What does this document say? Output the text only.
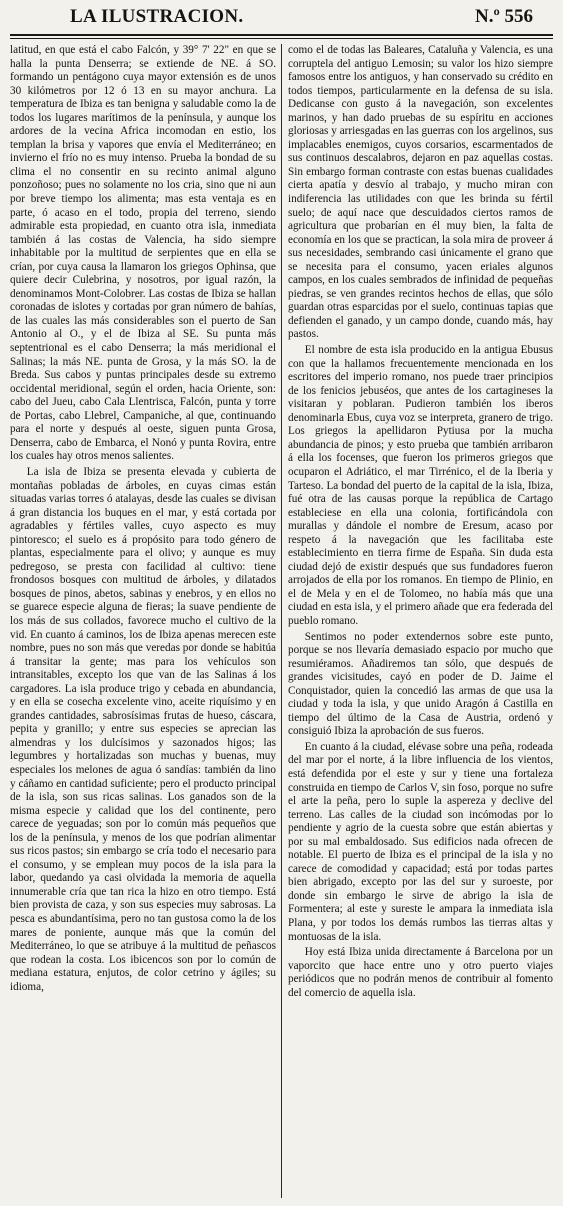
LA ILUSTRACION.	N.º 556

latitud, en que está el cabo Falcón, y 39° 7' 22" en que se halla la punta Denserra; se extiende de NE. á SO. formando un pentágono cuya mayor extensión es de unos 30 kilómetros por 12 ó 13 en su mayor anchura. La temperatura de Ibiza es tan benigna y saludable como la de todos los lugares marítimos de la península, y aunque los ardores de la vecina Africa incomodan en estio, los templan la brisa y vapores que envía el Mediterráneo; en invierno el frío no es muy intenso. Prueba la bondad de su clima el no consentir en su recinto animal alguno ponzoñoso; pues no solamente no los cria, sino que ni aun por breve tiempo los alimenta; mas esta ventaja es en parte, ó acaso en el todo, propia del terreno, siendo admirable esta propiedad, en cuanto otra isla, inmediata también á las costas de Valencia, ha sido siempre inhabitable por la multitud de serpientes que en ella se crían, por cuya causa la llamaron los griegos Ophinsa, que quiere decir Culebrina, y nosotros, por igual razón, la denominamos Mont-Colobrer. Las costas de Ibiza se hallan coronadas de islotes y cortadas por gran número de bahías, de las cuales las más considerables son el puerto de San Antonio al O., y el de Ibiza al SE. Su punta más septentrional es el cabo Denserra; la más meridional el Salinas; la más NE. punta de Grosa, y la más SO. la de Breda. Sus cabos y puntas principales desde su extremo occidental meridional, según el orden, hacia Oriente, son: cabo del Jueu, cabo Cala Llentrisca, Falcón, punta y torre de Portas, cabo Llebrel, Campaniche, al que, continuando para el norte y después al oeste, siguen punta Grosa, Denserra, cabo de Embarca, el Nonó y punta Rovira, entre los cuales hay otros menos salientes.

La isla de Ibiza se presenta elevada y cubierta de montañas pobladas de árboles, en cuyas cimas están situadas varias torres ó atalayas, desde las cuales se divisan á gran distancia los buques en el mar, y está cortada por agradables y fértiles valles, cuyo aspecto es muy pintoresco; el suelo es á propósito para todo género de plantas, especialmente para el olivo; y aunque es muy pedregoso, se presta con facilidad al cultivo: tiene frondosos bosques con multitud de árboles, y dilatados bosques de pinos, abetos, sabinas y enebros, y en ellos no se guarece especie alguna de fieras; la suave pendiente de los más de sus collados, favorece mucho el cultivo de la vid. En cuanto á caminos, los de Ibiza apenas merecen este nombre, pues no son más que veredas por donde se habitúa á transitar la gente; mas para los vehículos son intransitables, excepto los que van de las Salinas á los cargadores. La isla produce trigo y cebada en abundancia, y en ella se cosecha excelente vino, aceite riquísimo y en grandes cantidades, sabrosísimas frutas de hueso, cáscara, pepita y granillo; y entre sus especies se aprecian las almendras y los dulcísimos y sazonados higos; las legumbres y hortalizadas son muchas y buenas, muy especiales los melones de agua ó sandías: también da lino y cáñamo en cantidad suficiente; pero el producto principal de la isla, son sus ricas salinas. Los ganados son de la misma especie y calidad que los del continente, pero carece de yeguadas; son por lo común más pequeños que los de la península, y menos de los que podrían alimentar sus ricos pastos; sin embargo se cría todo el necesario para el consumo, y se emplean muy pocos de la isla para la labor, quedando ya casi olvidada la memoria de aquella innumerable cría que tan rica la hizo en otro tiempo. Está bien provista de caza, y son sus especies muy sabrosas. La pesca es abundantísima, pero no tan gustosa como la de los mares de poniente, aunque más que la común del Mediterráneo, lo que se atribuye á la multitud de peñascos que rodean la costa. Los ibicencos son por lo común de mediana estatura, enjutos, de color cetrino y ágiles; su idioma,

como el de todas las Baleares, Cataluña y Valencia, es una corruptela del antiguo Lemosin; su valor los hizo siempre famosos entre los antiguos, y han conservado su crédito en todos tiempos, particularmente en la defensa de su isla. Dedicanse con gusto á la navegación, son excelentes marinos, y han dado pruebas de su espíritu en acciones gloriosas y arriesgadas en las guerras con los argelinos, sus implacables enemigos, cuyos corsarios, escarmentados de sus continuos descalabros, dejaron en paz aquellas costas. Sin embargo forman contraste con estas buenas cualidades cierta apatía y desvío al trabajo, y mucho miran con indiferencia las utilidades con que les brinda su fértil suelo; de aquí nace que descuidados ciertos ramos de agricultura que probarían en él muy bien, la falta de economía en los que se practican, la sola mira de proveer á sus necesidades, sembrando casi únicamente el grano que se necesita para el consumo, yacen eriales algunos campos, en los cuales sembrados de infinidad de pequeñas piedras, se ven grandes recintos hechos de ellas, que sólo guardan otras esparcidas por el suelo, continuas tapias que defienden el ganado, y un campo donde, cuando más, hay pastos.

El nombre de esta isla producido en la antigua Ebusus con que la hallamos frecuentemente mencionada en los escritores del imperio romano, nos puede traer principios de los fenicios jebuséos, que antes de los cartagineses la visitaran y poblaran. Pudieron también los iberos denominarla Ebus, cuya voz se interpreta, granero de trigo. Los griegos la apellidaron Pytiusa por la mucha abundancia de pinos; y esto prueba que también arribaron á ella los focenses, que fueron los primeros griegos que ocuparon el Adriático, el mar Tirrénico, el de la Iberia y Tarteso. La bondad del puerto de la capital de la isla, Ibiza, fué otra de las causas porque la república de Cartago estableciese en ella una colonia, fortificándola con murallas y dándole el nombre de Eresum, acaso por respeto á la navegación que les facilitaba este establecimiento en tierra firme de España. Sin duda esta ciudad dejó de existir después que sus fundadores fueron arrojados de ella por los romanos. En tiempo de Plinio, en el de Mela y en el de Tolomeo, no había más que una ciudad en esta isla, y el primero añade que era federada del pueblo romano.

Sentimos no poder extendernos sobre este punto, porque se nos llevaría demasiado espacio por mucho que resumiéramos. Añadiremos tan sólo, que después de grandes vicisitudes, cayó en poder de D. Jaime el Conquistador, quien la concedió las armas de que usa la ciudad y toda la isla, y que unido Aragón á Castilla en tiempo del último de la Casa de Austria, ordenó y consiguió Ibiza la aprobación de sus fueros.

En cuanto á la ciudad, elévase sobre una peña, rodeada del mar por el norte, á la libre influencia de los vientos, está defendida por el este y sur y tiene una fortaleza construida en tiempo de Carlos V, sin foso, porque no sufre el arte la peña, pero lo suple la aspereza y declive del terreno. Las calles de la ciudad son incómodas por lo pendiente y agrio de la cuesta sobre que están abiertas y por su mal embaldosado. Sus edificios nada ofrecen de notable. El puerto de Ibiza es el principal de la isla y no carece de comodidad y capacidad; está por todas partes bien abrigado, excepto por las del sur y suroeste, por donde sin embargo le sirve de abrigo la isla de Formentera; al este y sureste le ampara la inmediata isla Plana, y por todos los demás rumbos las tierras altas y montuosas de la isla.

Hoy está Ibiza unida directamente á Barcelona por un vaporcito que hace entre uno y otro puerto viajes periódicos que no podrán menos de contribuir al fomento del comercio de aquella isla.
